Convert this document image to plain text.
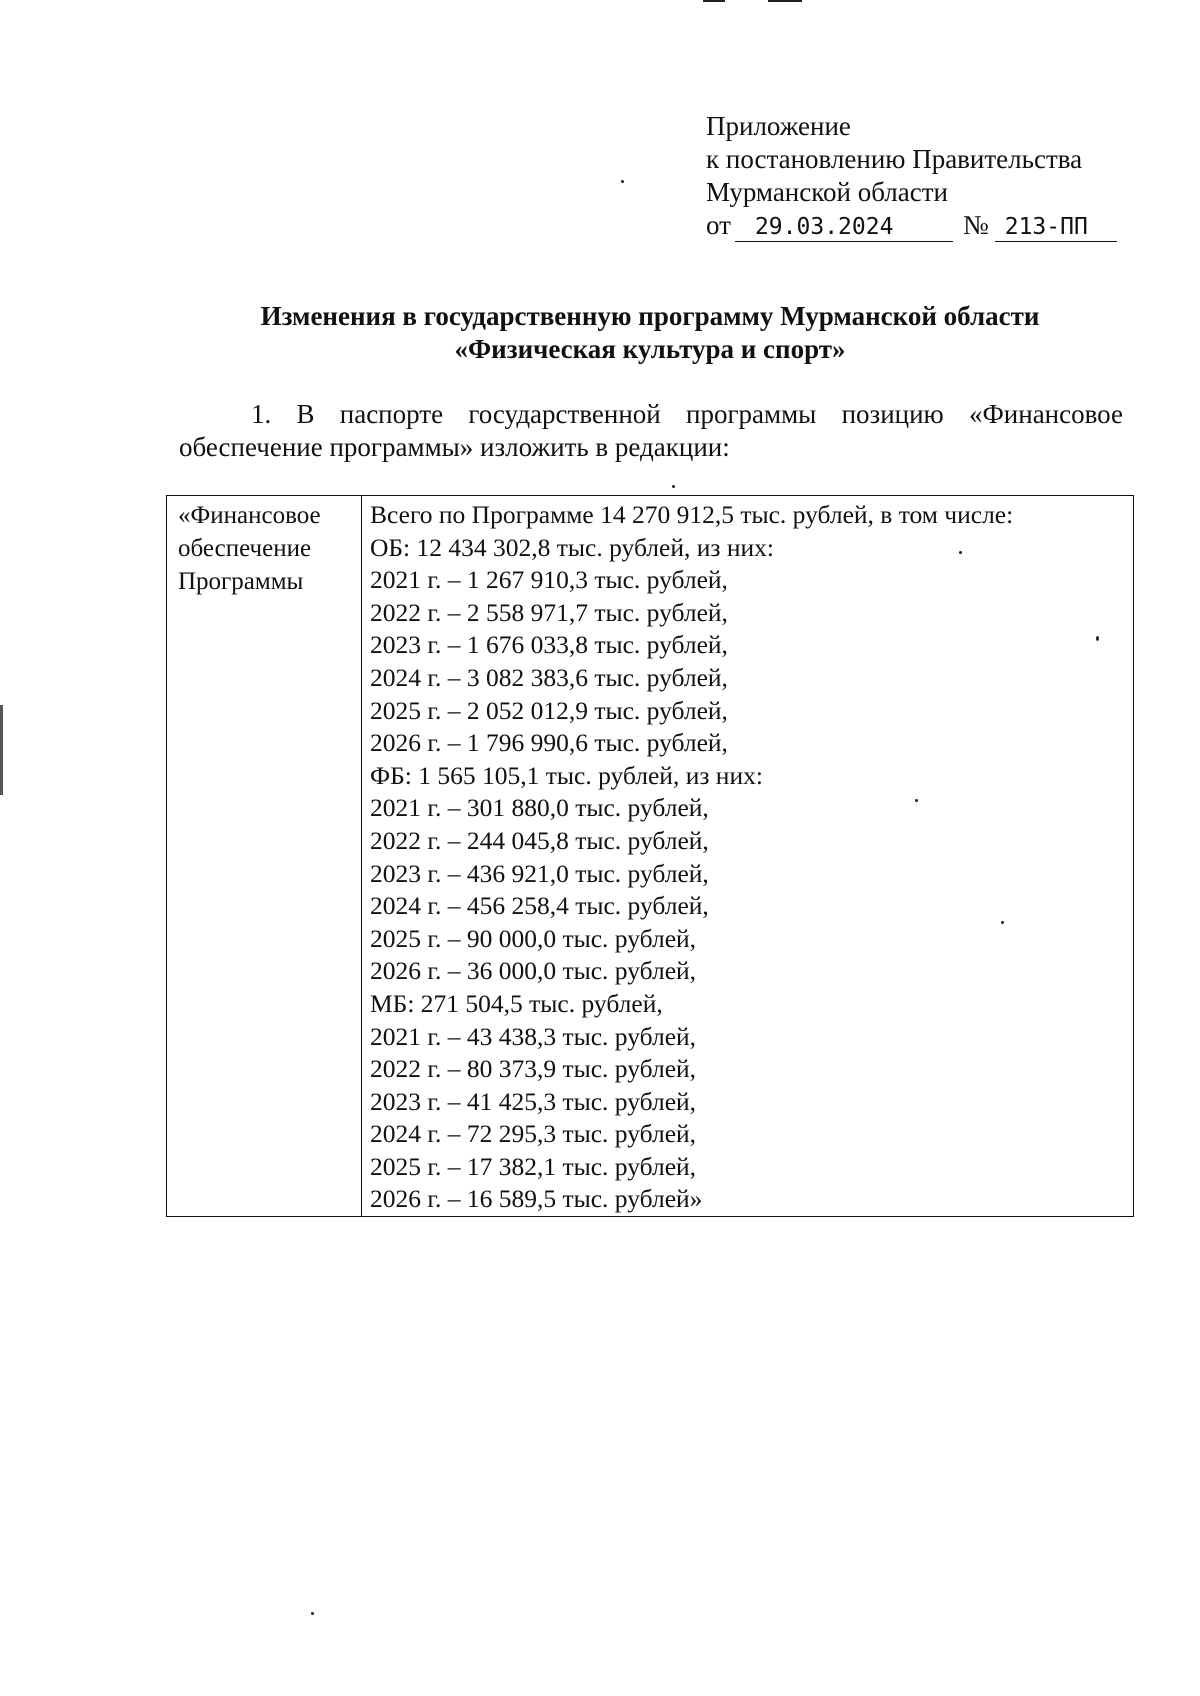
Приложение
к постановлению Правительства
Мурманской области
от	29.03.2024	№ 213-ПП
Изменения в государственную программу Мурманской области
«Физическая культура и спорт»
1. В паспорте государственной программы позицию «Финансовое обеспечение программы» изложить в редакции:
«Финансовое
обеспечение
Программы
Всего по Программе 14 270 912,5 тыс. рублей, в том числе:
ОБ: 12 434 302,8 тыс. рублей, из них:
2021 г. – 1 267 910,3 тыс. рублей,
2022 г. – 2 558 971,7 тыс. рублей,
2023 г. – 1 676 033,8 тыс. рублей,
2024 г. – 3 082 383,6 тыс. рублей,
2025 г. – 2 052 012,9 тыс. рублей,
2026 г. – 1 796 990,6 тыс. рублей,
ФБ: 1 565 105,1 тыс. рублей, из них:
2021 г. – 301 880,0 тыс. рублей,
2022 г. – 244 045,8 тыс. рублей,
2023 г. – 436 921,0 тыс. рублей,
2024 г. – 456 258,4 тыс. рублей,
2025 г. – 90 000,0 тыс. рублей,
2026 г. – 36 000,0 тыс. рублей,
МБ: 271 504,5 тыс. рублей,
2021 г. – 43 438,3 тыс. рублей,
2022 г. – 80 373,9 тыс. рублей,
2023 г. – 41 425,3 тыс. рублей,
2024 г. – 72 295,3 тыс. рублей,
2025 г. – 17 382,1 тыс. рублей,
2026 г. – 16 589,5 тыс. рублей»
